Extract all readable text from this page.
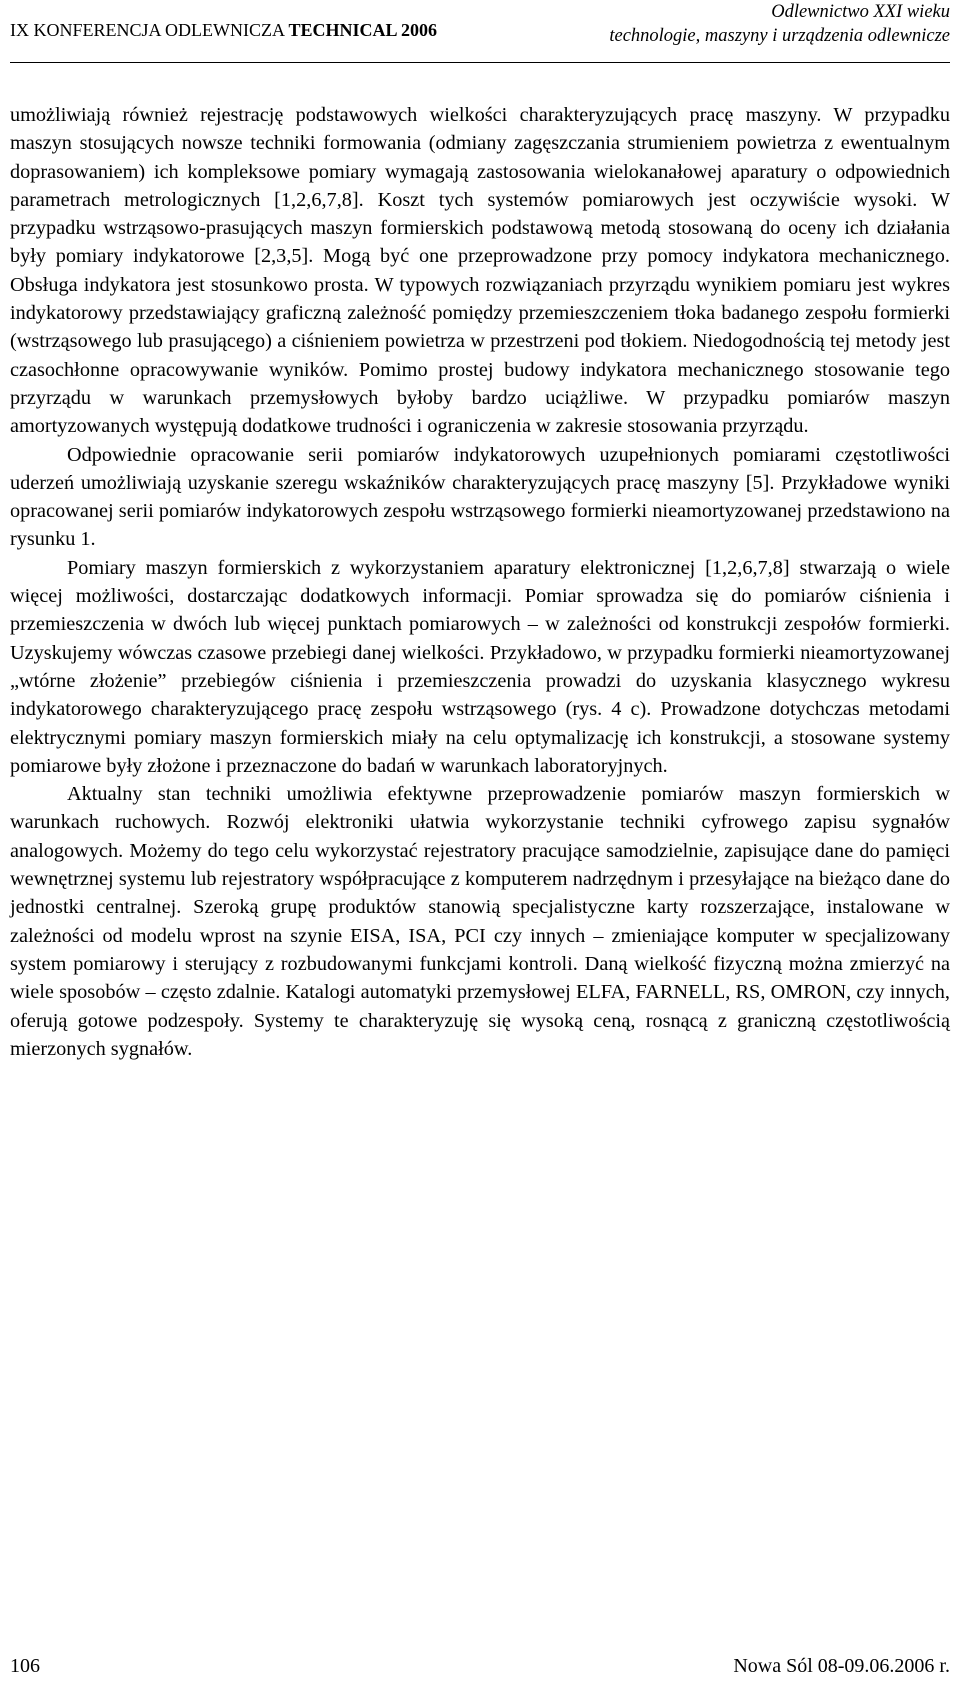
IX KONFERENCJA ODLEWNICZA TECHNICAL 2006
Odlewnictwo XXI wieku
technologie, maszyny i urządzenia odlewnicze

umożliwiają również rejestrację podstawowych wielkości charakteryzujących pracę maszyny. W przypadku maszyn stosujących nowsze techniki formowania (odmiany zagęszczania strumieniem powietrza z ewentualnym doprasowaniem) ich kompleksowe pomiary wymagają zastosowania wielokanałowej aparatury o odpowiednich parametrach metrologicznych [1,2,6,7,8]. Koszt tych systemów pomiarowych jest oczywiście wysoki. W przypadku wstrząsowo-prasujących maszyn formierskich podstawową metodą stosowaną do oceny ich działania były pomiary indykatorowe [2,3,5]. Mogą być one przeprowadzone przy pomocy indykatora mechanicznego. Obsługa indykatora jest stosunkowo prosta. W typowych rozwiązaniach przyrządu wynikiem pomiaru jest wykres indykatorowy przedstawiający graficzną zależność pomiędzy przemieszczeniem tłoka badanego zespołu formierki (wstrząsowego lub prasującego) a ciśnieniem powietrza w przestrzeni pod tłokiem. Niedogodnością tej metody jest czasochłonne opracowywanie wyników. Pomimo prostej budowy indykatora mechanicznego stosowanie tego przyrządu w warunkach przemysłowych byłoby bardzo uciążliwe. W przypadku pomiarów maszyn amortyzowanych występują dodatkowe trudności i ograniczenia w zakresie stosowania przyrządu.

Odpowiednie opracowanie serii pomiarów indykatorowych uzupełnionych pomiarami częstotliwości uderzeń umożliwiają uzyskanie szeregu wskaźników charakteryzujących pracę maszyny [5]. Przykładowe wyniki opracowanej serii pomiarów indykatorowych zespołu wstrząsowego formierki nieamortyzowanej przedstawiono na rysunku 1.

Pomiary maszyn formierskich z wykorzystaniem aparatury elektronicznej [1,2,6,7,8] stwarzają o wiele więcej możliwości, dostarczając dodatkowych informacji. Pomiar sprowadza się do pomiarów ciśnienia i przemieszczenia w dwóch lub więcej punktach pomiarowych – w zależności od konstrukcji zespołów formierki. Uzyskujemy wówczas czasowe przebiegi danej wielkości. Przykładowo, w przypadku formierki nieamortyzowanej „wtórne złożenie” przebiegów ciśnienia i przemieszczenia prowadzi do uzyskania klasycznego wykresu indykatorowego charakteryzującego pracę zespołu wstrząsowego (rys. 4 c). Prowadzone dotychczas metodami elektrycznymi pomiary maszyn formierskich miały na celu optymalizację ich konstrukcji, a stosowane systemy pomiarowe były złożone i przeznaczone do badań w warunkach laboratoryjnych.

Aktualny stan techniki umożliwia efektywne przeprowadzenie pomiarów maszyn formierskich w warunkach ruchowych. Rozwój elektroniki ułatwia wykorzystanie techniki cyfrowego zapisu sygnałów analogowych. Możemy do tego celu wykorzystać rejestratory pracujące samodzielnie, zapisujące dane do pamięci wewnętrznej systemu lub rejestratory współpracujące z komputerem nadrzędnym i przesyłające na bieżąco dane do jednostki centralnej. Szeroką grupę produktów stanowią specjalistyczne karty rozszerzające, instalowane w zależności od modelu wprost na szynie EISA, ISA, PCI czy innych – zmieniające komputer w specjalizowany system pomiarowy i sterujący z rozbudowanymi funkcjami kontroli. Daną wielkość fizyczną można zmierzyć na wiele sposobów – często zdalnie. Katalogi automatyki przemysłowej ELFA, FARNELL, RS, OMRON, czy innych, oferują gotowe podzespoły. Systemy te charakteryzuję się wysoką ceną, rosnącą z graniczną częstotliwością mierzonych sygnałów.

106	Nowa Sól 08-09.06.2006 r.
